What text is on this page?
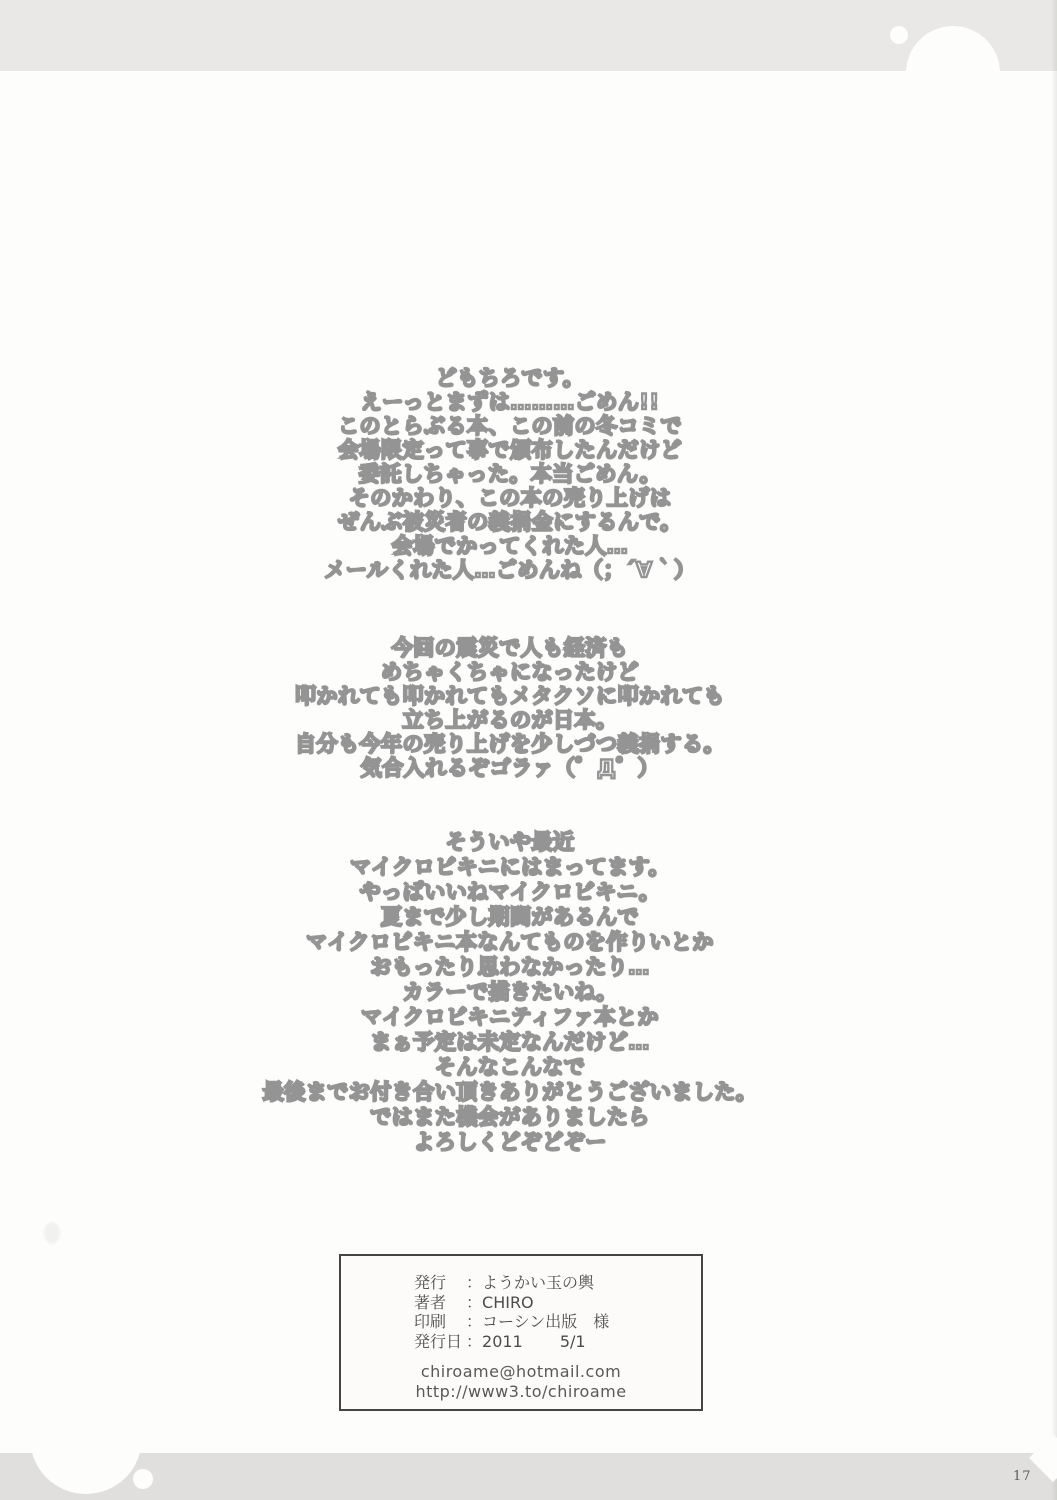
どもちろです。
えーっとまずは………ごめん!!
このとらぶる本、この前の冬コミで
会場限定って事で頒布したんだけど
委託しちゃった。本当ごめん。
そのかわり、この本の売り上げは
ぜんぶ被災者の義捐金にするんで。
会場でかってくれた人…
メールくれた人…ごめんね（；´∀｀）
今回の震災で人も経済も
めちゃくちゃになったけど
叩かれても叩かれてもメタクソに叩かれても
立ち上がるのが日本。
自分も今年の売り上げを少しづつ義捐する。
気合入れるぞゴラァ（゜Д゜）
そういや最近
マイクロビキニにはまってます。
やっぱいいねマイクロビキニ。
夏まで少し期間があるんで
マイクロビキニ本なんてものを作りいとか
おもったり思わなかったり…
カラーで描きたいね。
マイクロビキニティファ本とか
まぁ予定は未定なんだけど…
そんなこんなで
最後までお付き合い頂きありがとうございました。
ではまた機会がありましたら
よろしくどぞどぞー
発行	： ようかい玉の輿
著者	： CHIRO
印刷	： コーシン出版　様
発行日 ： 2011　　 5/1
chiroame@hotmail.com
http://www3.to/chiroame
17
